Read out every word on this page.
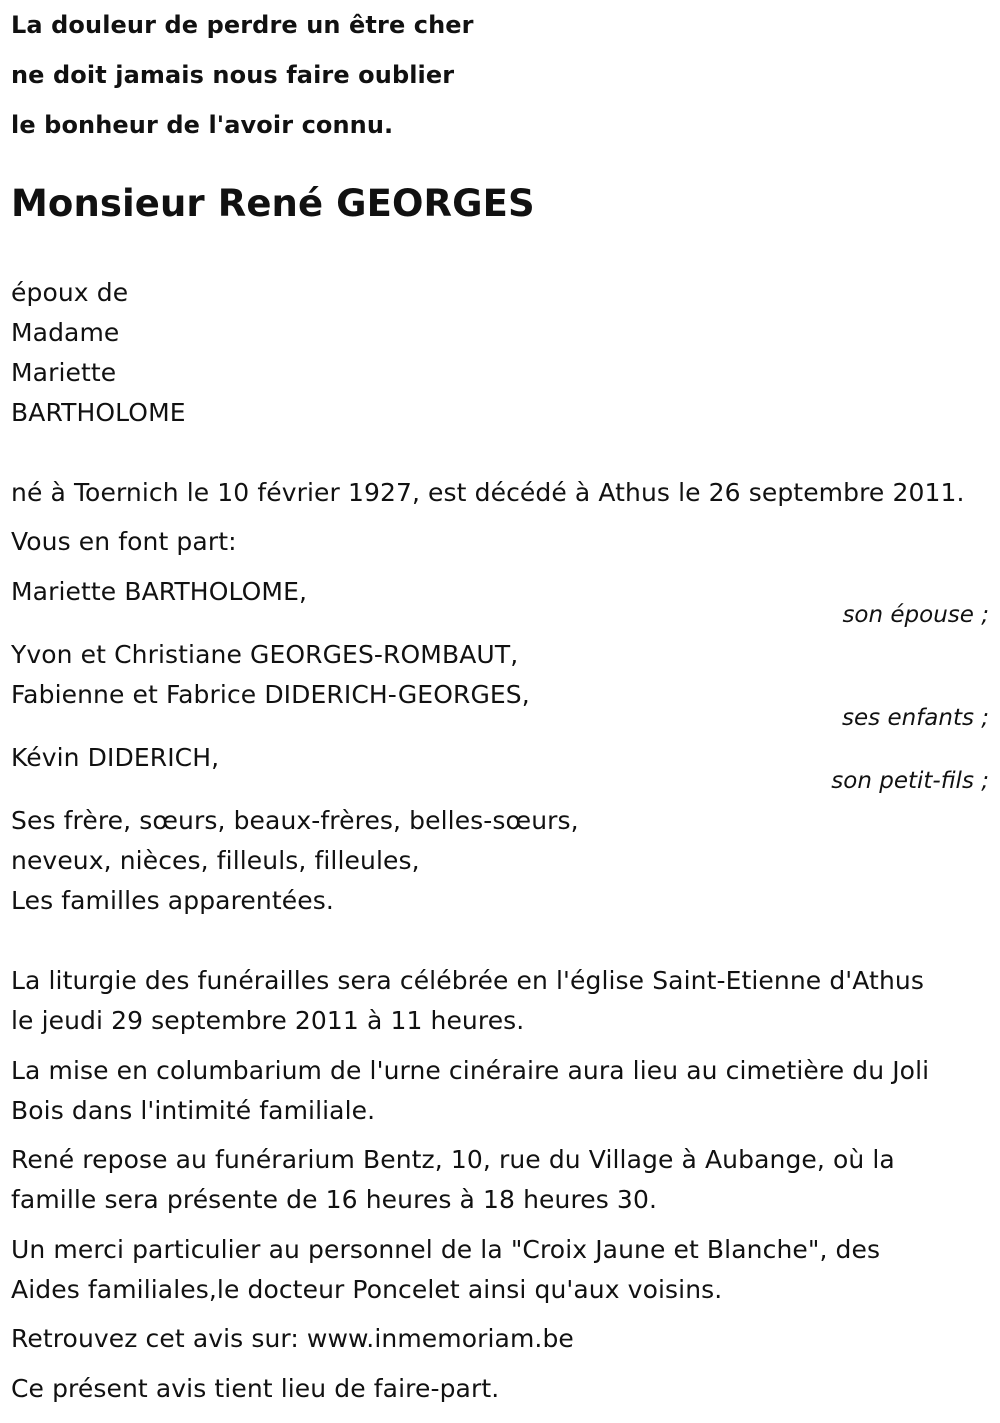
La douleur de perdre un être cher
ne doit jamais nous faire oublier
le bonheur de l'avoir connu.
Monsieur René GEORGES
époux de
Madame
Mariette
BARTHOLOME
né à Toernich le 10 février 1927, est décédé à Athus le 26 septembre 2011.
Vous en font part:
Mariette BARTHOLOME,
son épouse ;
Yvon et Christiane GEORGES-ROMBAUT,
Fabienne et Fabrice DIDERICH-GEORGES,
ses enfants ;
Kévin DIDERICH,
son petit-fils ;
Ses frère, sœurs, beaux-frères, belles-sœurs,
neveux, nièces, filleuls, filleules,
Les familles apparentées.
La liturgie des funérailles sera célébrée en l'église Saint-Etienne d'Athus
le jeudi 29 septembre 2011 à 11 heures.
La mise en columbarium de l'urne cinéraire aura lieu au cimetière du Joli
Bois dans l'intimité familiale.
René repose au funérarium Bentz, 10, rue du Village à Aubange, où la
famille sera présente de 16 heures à 18 heures 30.
Un merci particulier au personnel de la "Croix Jaune et Blanche", des
Aides familiales,le docteur Poncelet ainsi qu'aux voisins.
Retrouvez cet avis sur: www.inmemoriam.be
Ce présent avis tient lieu de faire-part.
